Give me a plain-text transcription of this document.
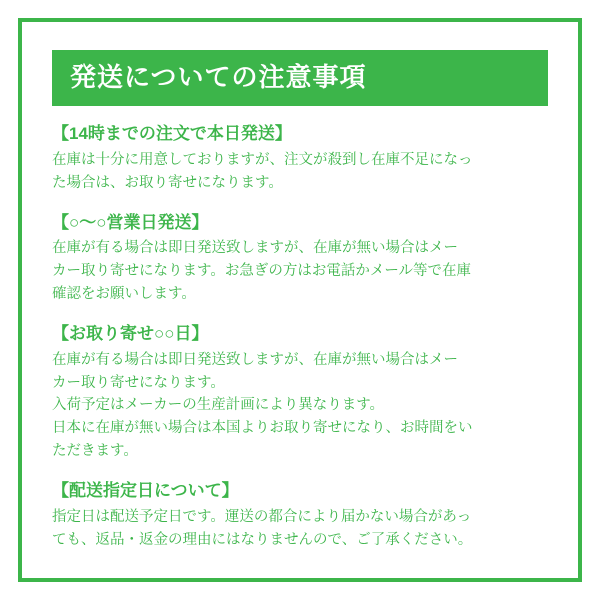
発送についての注意事項
【14時までの注文で本日発送】

在庫は十分に用意しておりますが、注文が殺到し在庫不足になっ

た場合は、お取り寄せになります。

【○〜○営業日発送】

在庫が有る場合は即日発送致しますが、在庫が無い場合はメー

カー取り寄せになります。お急ぎの方はお電話かメール等で在庫

確認をお願いします。

【お取り寄せ○○日】

在庫が有る場合は即日発送致しますが、在庫が無い場合はメー

カー取り寄せになります。

入荷予定はメーカーの生産計画により異なります。

日本に在庫が無い場合は本国よりお取り寄せになり、お時間をい

ただきます。

【配送指定日について】

指定日は配送予定日です。運送の都合により届かない場合があっ

ても、返品・返金の理由にはなりませんので、ご了承ください。
